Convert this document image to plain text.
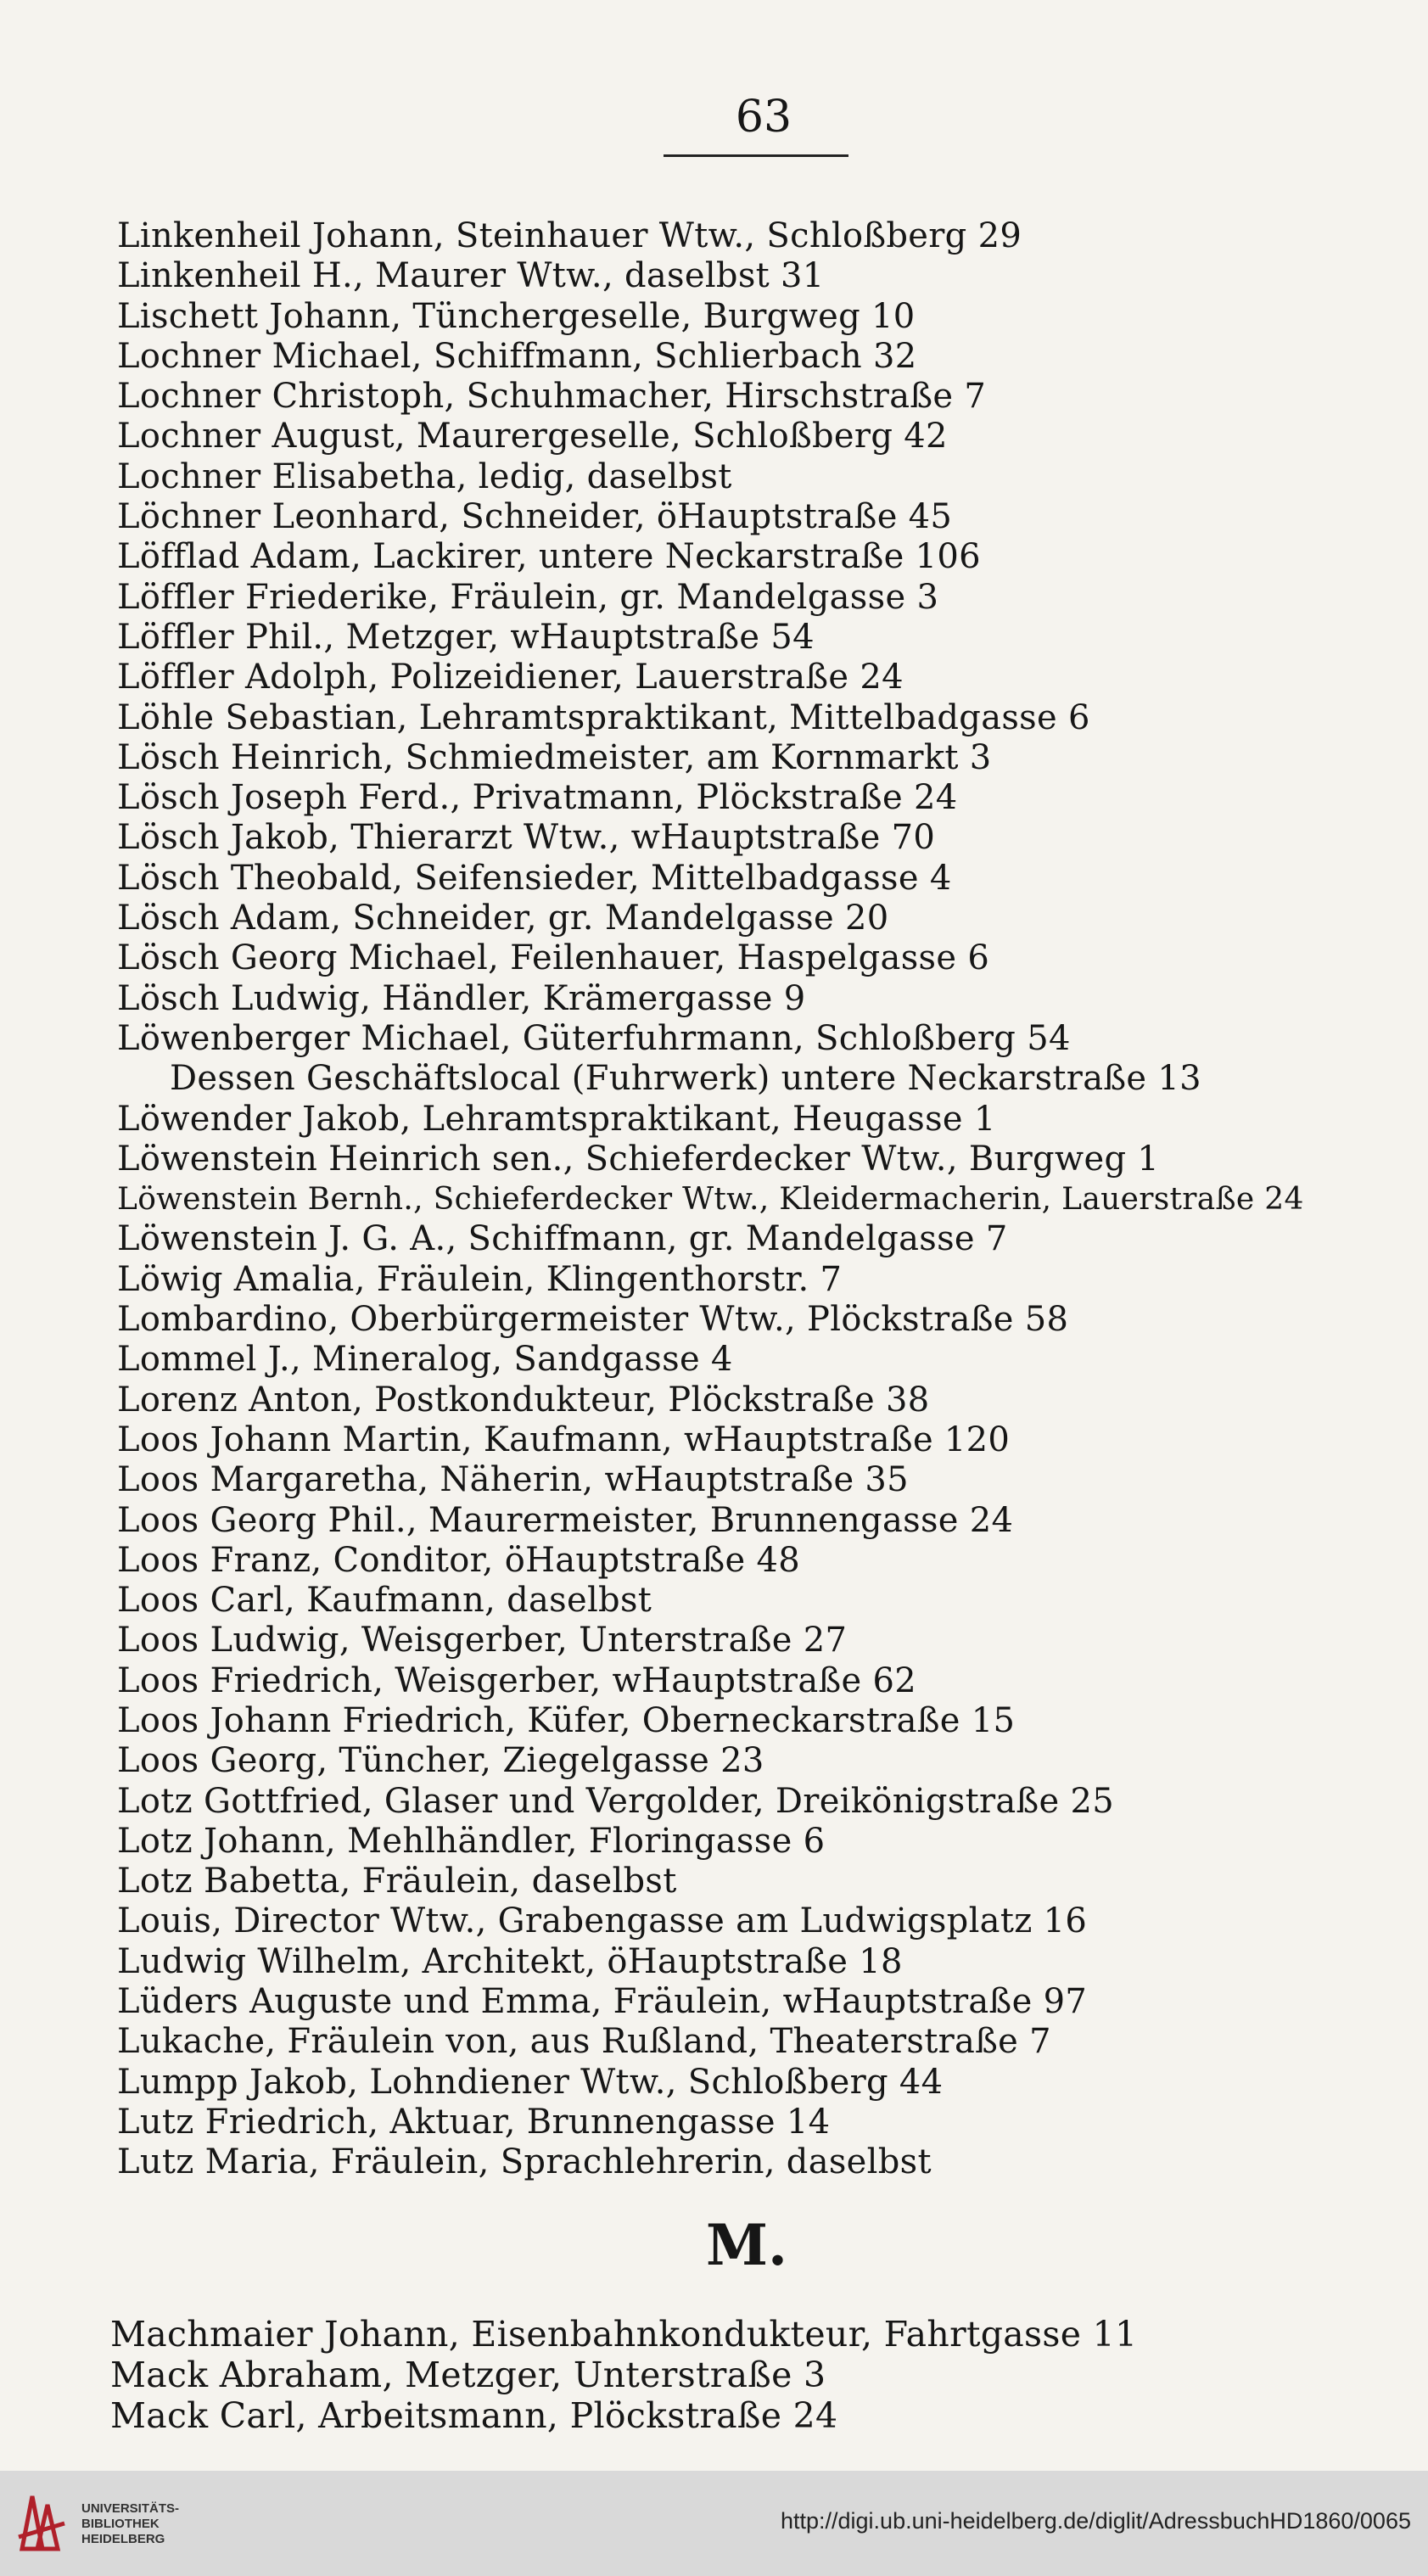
63
Linkenheil Johann, Steinhauer Wtw., Schloßberg 29
Linkenheil H., Maurer Wtw., daselbst 31
Lischett Johann, Tünchergeselle, Burgweg 10
Lochner Michael, Schiffmann, Schlierbach 32
Lochner Christoph, Schuhmacher, Hirschstraße 7
Lochner August, Maurergeselle, Schloßberg 42
Lochner Elisabetha, ledig, daselbst
Löchner Leonhard, Schneider, öHauptstraße 45
Löfflad Adam, Lackirer, untere Neckarstraße 106
Löffler Friederike, Fräulein, gr. Mandelgasse 3
Löffler Phil., Metzger, wHauptstraße 54
Löffler Adolph, Polizeidiener, Lauerstraße 24
Löhle Sebastian, Lehramtspraktikant, Mittelbadgasse 6
Lösch Heinrich, Schmiedmeister, am Kornmarkt 3
Lösch Joseph Ferd., Privatmann, Plöckstraße 24
Lösch Jakob, Thierarzt Wtw., wHauptstraße 70
Lösch Theobald, Seifensieder, Mittelbadgasse 4
Lösch Adam, Schneider, gr. Mandelgasse 20
Lösch Georg Michael, Feilenhauer, Haspelgasse 6
Lösch Ludwig, Händler, Krämergasse 9
Löwenberger Michael, Güterfuhrmann, Schloßberg 54
Dessen Geschäftslocal (Fuhrwerk) untere Neckarstraße 13
Löwender Jakob, Lehramtspraktikant, Heugasse 1
Löwenstein Heinrich sen., Schieferdecker Wtw., Burgweg 1
Löwenstein Bernh., Schieferdecker Wtw., Kleidermacherin, Lauerstraße 24
Löwenstein J. G. A., Schiffmann, gr. Mandelgasse 7
Löwig Amalia, Fräulein, Klingenthorstr. 7
Lombardino, Oberbürgermeister Wtw., Plöckstraße 58
Lommel J., Mineralog, Sandgasse 4
Lorenz Anton, Postkondukteur, Plöckstraße 38
Loos Johann Martin, Kaufmann, wHauptstraße 120
Loos Margaretha, Näherin, wHauptstraße 35
Loos Georg Phil., Maurermeister, Brunnengasse 24
Loos Franz, Conditor, öHauptstraße 48
Loos Carl, Kaufmann, daselbst
Loos Ludwig, Weisgerber, Unterstraße 27
Loos Friedrich, Weisgerber, wHauptstraße 62
Loos Johann Friedrich, Küfer, Oberneckarstraße 15
Loos Georg, Tüncher, Ziegelgasse 23
Lotz Gottfried, Glaser und Vergolder, Dreikönigstraße 25
Lotz Johann, Mehlhändler, Floringasse 6
Lotz Babetta, Fräulein, daselbst
Louis, Director Wtw., Grabengasse am Ludwigsplatz 16
Ludwig Wilhelm, Architekt, öHauptstraße 18
Lüders Auguste und Emma, Fräulein, wHauptstraße 97
Lukache, Fräulein von, aus Rußland, Theaterstraße 7
Lumpp Jakob, Lohndiener Wtw., Schloßberg 44
Lutz Friedrich, Aktuar, Brunnengasse 14
Lutz Maria, Fräulein, Sprachlehrerin, daselbst
M.
Machmaier Johann, Eisenbahnkondukteur, Fahrtgasse 11
Mack Abraham, Metzger, Unterstraße 3
Mack Carl, Arbeitsmann, Plöckstraße 24
UNIVERSITÄTS-
BIBLIOTHEK
HEIDELBERG
http://digi.ub.uni-heidelberg.de/diglit/AdressbuchHD1860/0065
